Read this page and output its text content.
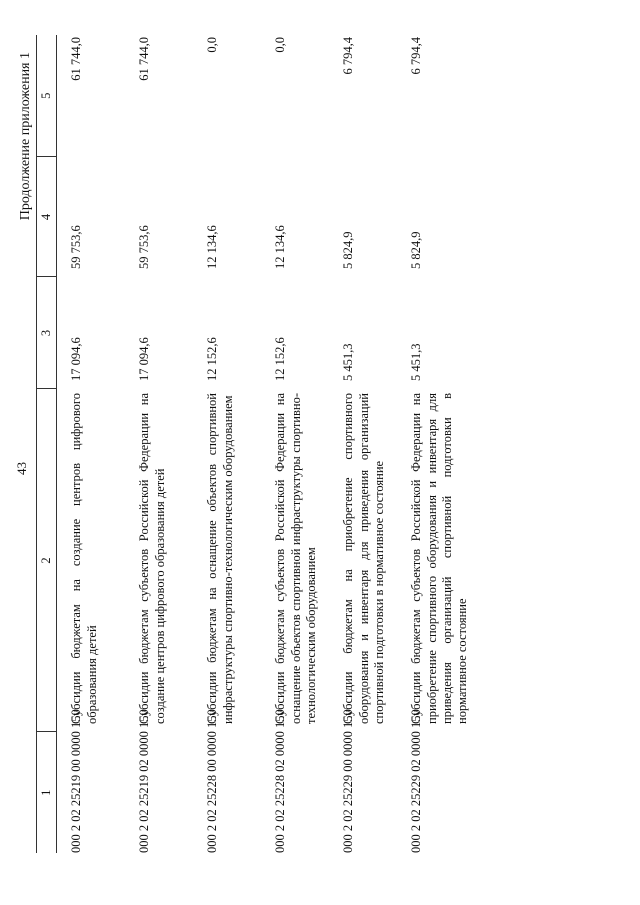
43
Продолжение приложения 1
1	2	3	4	5
000 2 02 25219 00 0000 150	Субсидии бюджетам на создание центров цифрового образования детей	17 094,6	59 753,6	61 744,0
000 2 02 25219 02 0000 150	Субсидии бюджетам субъектов Российской Федерации на создание центров цифрового образования детей	17 094,6	59 753,6	61 744,0
000 2 02 25228 00 0000 150	Субсидии бюджетам на оснащение объектов спортивной инфраструктуры спортивно-технологическим оборудованием	12 152,6	12 134,6	0,0
000 2 02 25228 02 0000 150	Субсидии бюджетам субъектов Российской Федерации на оснащение объектов спортивной инфраструктуры спортивно-технологическим оборудованием	12 152,6	12 134,6	0,0
000 2 02 25229 00 0000 150	Субсидии бюджетам на приобретение спортивного оборудования и инвентаря для приведения организаций спортивной подготовки в нормативное состояние	5 451,3	5 824,9	6 794,4
000 2 02 25229 02 0000 150	Субсидии бюджетам субъектов Российской Федерации на приобретение спортивного оборудования и инвентаря для приведения организаций спортивной подготовки в нормативное состояние	5 451,3	5 824,9	6 794,4
